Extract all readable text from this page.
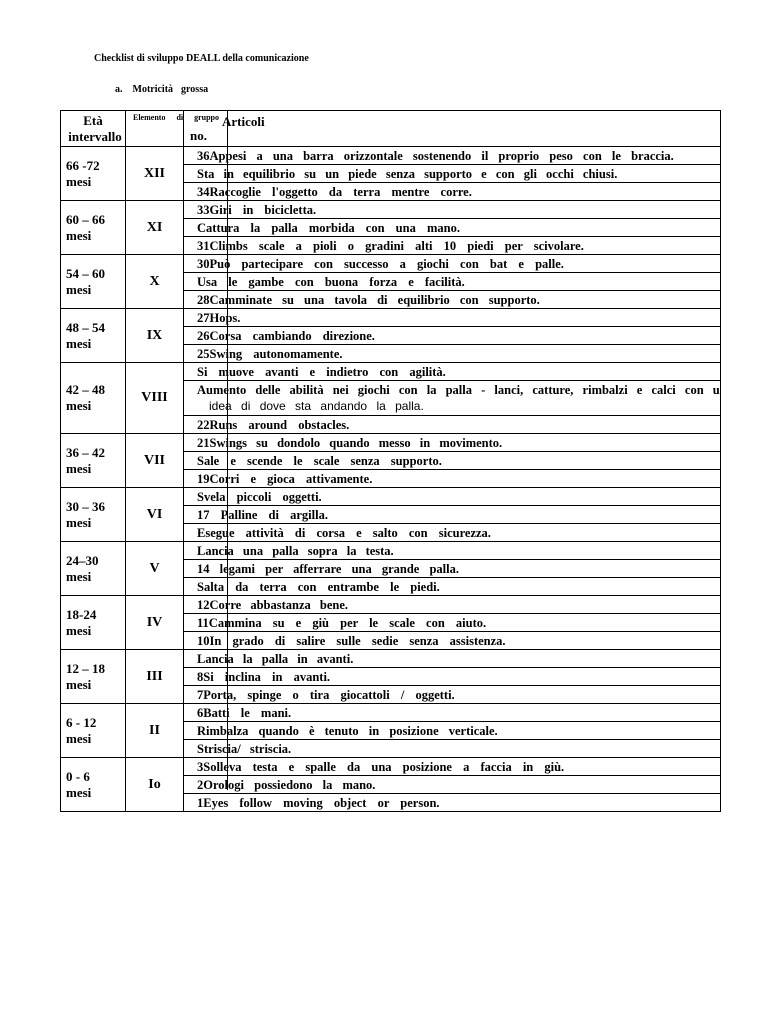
Checklist di sviluppo DEALL della comunicazione
a. Motricità grossa
Età
intervallo	Elemento di gruppo
no.	Articoli

66 -72
mesi	XII	36Appesi a una barra orizzontale sostenendo il proprio peso con le braccia.
		Sta in equilibrio su un piede senza supporto e con gli occhi chiusi.
		34Raccoglie l'oggetto da terra mentre corre.

60 – 66
mesi	XI	33Giri in bicicletta.
		Cattura la palla morbida con una mano.
		31Climbs scale a pioli o gradini alti 10 piedi per scivolare.

54 – 60
mesi	X	30Può partecipare con successo a giochi con bat e palle.
		Usa le gambe con buona forza e facilità.
		28Camminate su una tavola di equilibrio con supporto.

48 – 54
mesi	IX	27Hops.
		26Corsa cambiando direzione.
		25Swing autonomamente.

42 – 48
mesi	VIII	Si muove avanti e indietro con agilità.
		Aumento delle abilità nei giochi con la palla - lanci, catture, rimbalzi e calci con u
idea di dove sta andando la palla.

		22Runs around obstacles.

36 – 42
mesi	VII	21Swings su dondolo quando messo in movimento.
		Sale e scende le scale senza supporto.
		19Corri e gioca attivamente.

30 – 36
mesi	VI	Svela piccoli oggetti.
		17 Palline di argilla.
		Esegue attività di corsa e salto con sicurezza.

24–30
mesi	V	Lancia una palla sopra la testa.
		14 legami per afferrare una grande palla.
		Salta da terra con entrambe le piedi.

18-24
mesi	IV	12Corre abbastanza bene.
		11Cammina su e giù per le scale con aiuto.
		10In grado di salire sulle sedie senza assistenza.

12 – 18
mesi	III	Lancia la palla in avanti.
		8Si inclina in avanti.
		7Porta, spinge o tira giocattoli / oggetti.

6 - 12
mesi	II	6Batti le mani.
		Rimbalza quando è tenuto in posizione verticale.
		Striscia/ striscia.

0 - 6
mesi	Io	3Solleva testa e spalle da una posizione a faccia in giù.
		2Orologi possiedono la mano.
		1Eyes follow moving object or person.
